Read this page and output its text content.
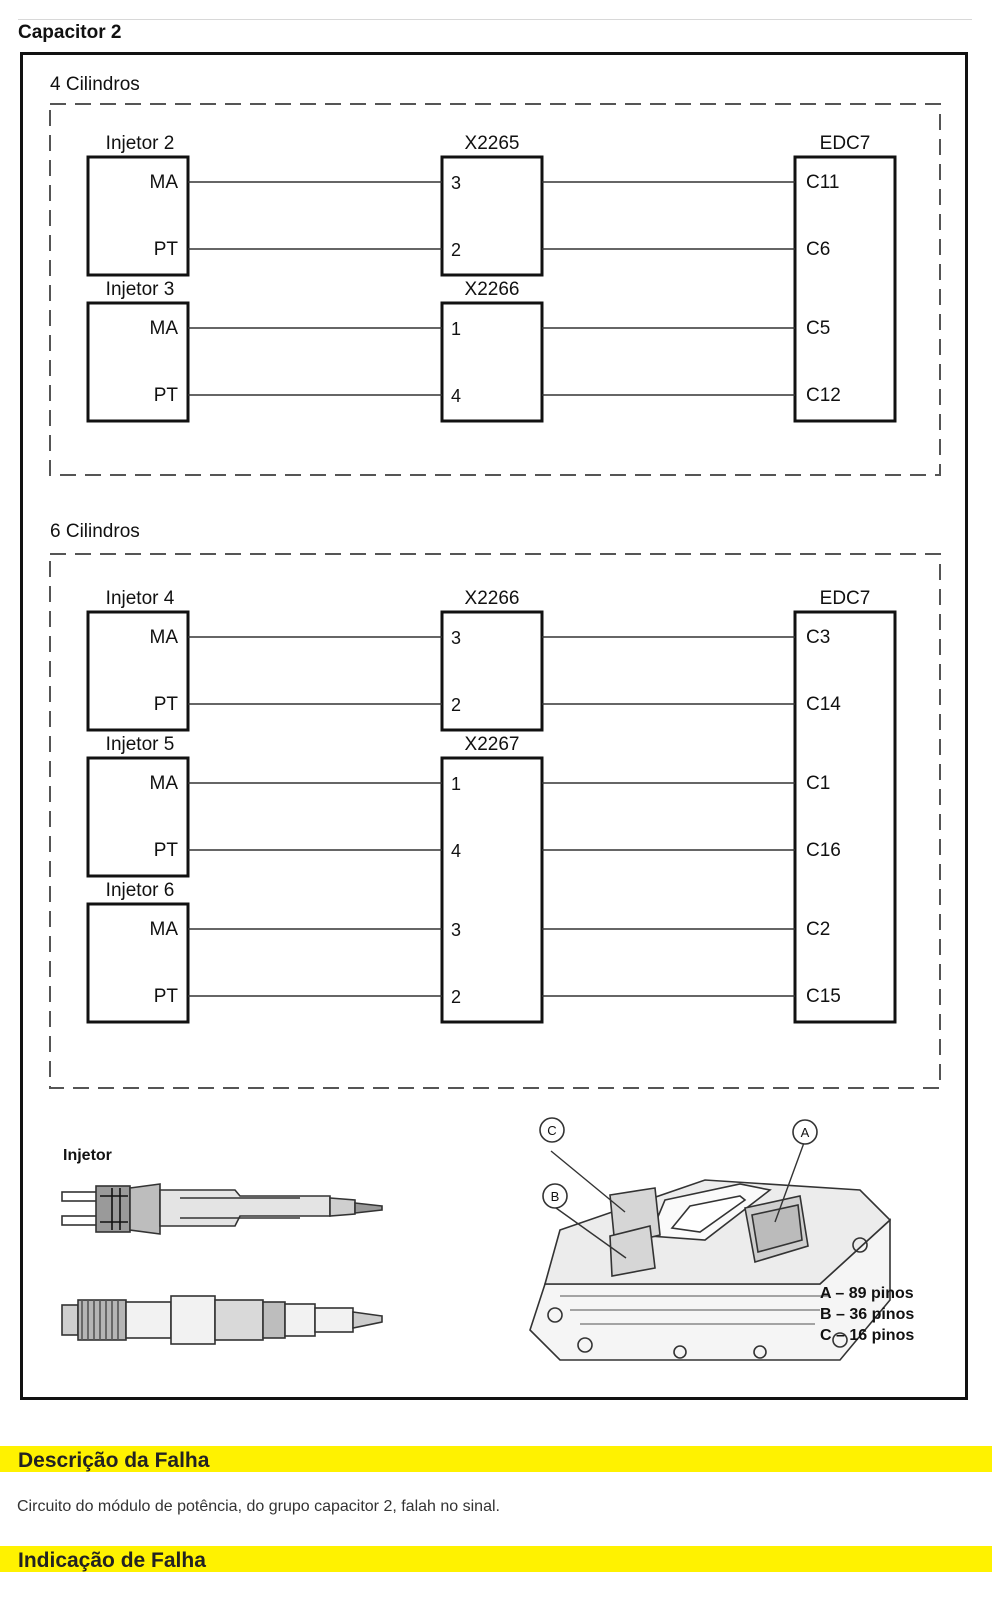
Capacitor 2
4 Cilindros
EDC7
X2265
X2266
Injetor 2
MA	3	C11
PT	2	C6
Injetor 3
MA	1	C5
PT	4	C12
6 Cilindros
EDC7
X2266
X2267
Injetor 4
MA	3	C3
PT	2	C14
Injetor 5
MA	1	C1
PT	4	C16
Injetor 6
MA	3	C2
PT	2	C15
Injetor
C
B
A
A – 89 pinos
B – 36 pinos
C – 16 pinos
Descrição da Falha
Circuito do módulo de potência, do grupo capacitor 2, falah no sinal.
Indicação de Falha
